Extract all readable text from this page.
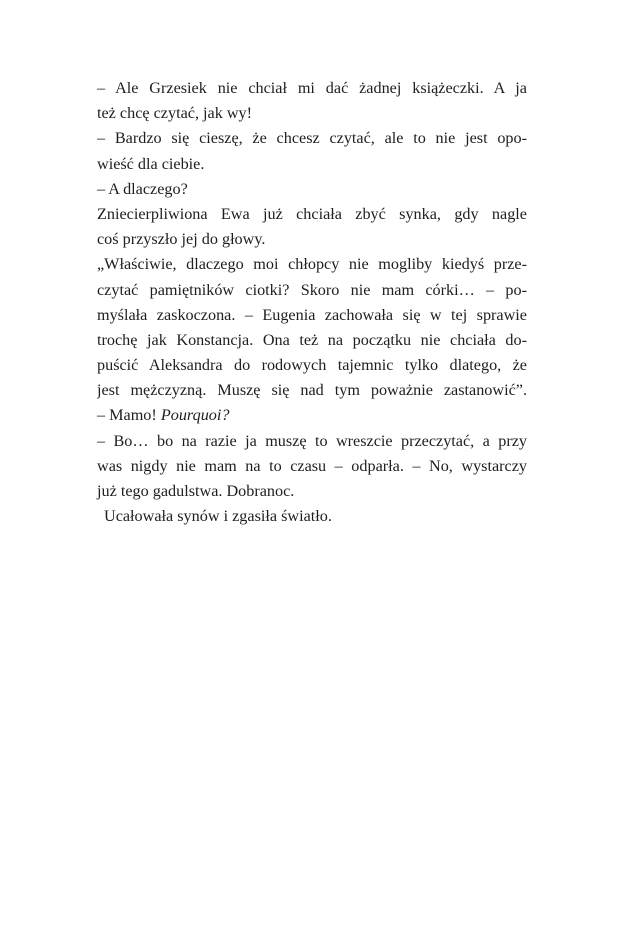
– Ale Grzesiek nie chciał mi dać żadnej książeczki. A ja
też chcę czytać, jak wy!
– Bardzo się cieszę, że chcesz czytać, ale to nie jest opo-
wieść dla ciebie.
– A dlaczego?
Zniecierpliwiona Ewa już chciała zbyć synka, gdy nagle
coś przyszło jej do głowy.
„Właściwie, dlaczego moi chłopcy nie mogliby kiedyś prze-
czytać pamiętników ciotki? Skoro nie mam córki… – po-
myślała zaskoczona. – Eugenia zachowała się w tej sprawie
trochę jak Konstancja. Ona też na początku nie chciała do-
puścić Aleksandra do rodowych tajemnic tylko dlatego, że
jest mężczyzną. Muszę się nad tym poważnie zastanowić”.
– Mamo! Pourquoi?
– Bo… bo na razie ja muszę to wreszcie przeczytać, a przy
was nigdy nie mam na to czasu – odparła. – No, wystarczy
już tego gadulstwa. Dobranoc.
Ucałowała synów i zgasiła światło.
